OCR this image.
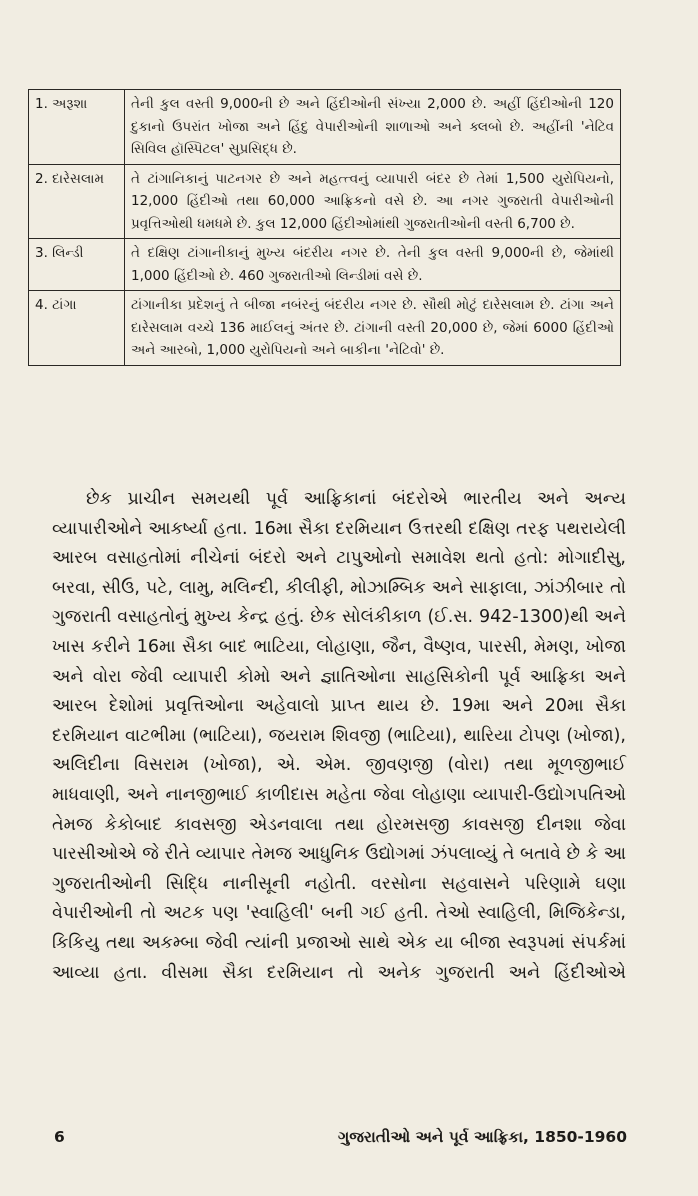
1. અરૂશા	તેની કુલ વસ્તી 9,000ની છે અને હિંદીઓની સંખ્યા 2,000 છે. અહીં હિંદીઓની 120 દુકાનો ઉપરાંત ખોજા અને હિંદુ વેપારીઓની શાળાઓ અને ક્લબો છે. અહીંની 'નેટિવ સિવિલ હૉસ્પિટલ' સુપ્રસિદ્ધ છે.
2. દારેસલામ	તે ટાંગાનિકાનું પાટનગર છે અને મહત્ત્વનું વ્યાપારી બંદર છે તેમાં 1,500 યુરોપિયનો, 12,000 હિંદીઓ તથા 60,000 આફ્રિકનો વસે છે. આ નગર ગુજરાતી વેપારીઓની પ્રવૃત્તિઓથી ધમધમે છે. કુલ 12,000 હિંદીઓમાંથી ગુજરાતીઓની વસ્તી 6,700 છે.
3. લિન્ડી	તે દક્ષિણ ટાંગાનીકાનું મુખ્ય બંદરીય નગર છે. તેની કુલ વસ્તી 9,000ની છે, જેમાંથી 1,000 હિંદીઓ છે. 460 ગુજરાતીઓ લિન્ડીમાં વસે છે.
4. ટાંગા	ટાંગાનીકા પ્રદેશનું તે બીજા નબંરનું બંદરીય નગર છે. સૌથી મોટું દારેસલામ છે. ટાંગા અને દારેસલામ વચ્ચે 136 માઈલનું અંતર છે. ટાંગાની વસ્તી 20,000 છે, જેમાં 6000 હિંદીઓ અને આરબો, 1,000 યુરોપિયનો અને બાકીના 'નેટિવો' છે.

છેક પ્રાચીન સમયથી પૂર્વ આફ્રિકાનાં બંદરોએ ભારતીય અને અન્ય વ્યાપારીઓને આકર્ષ્યા હતા. 16મા સૈકા દરમિયાન ઉત્તરથી દક્ષિણ તરફ પથરાયેલી આરબ વસાહતોમાં નીચેનાં બંદરો અને ટાપુઓનો સમાવેશ થતો હતો: મોગાદીસુ, બરવા, સીઉ, પટે, લામુ, મલિન્દી, કીલીફી, મોઝામ્બિક અને સાફાલા, ઝાંઝીબાર તો ગુજરાતી વસાહતોનું મુખ્ય કેન્દ્ર હતું. છેક સોલંકીકાળ (ઈ.સ. 942-1300)થી અને ખાસ કરીને 16મા સૈકા બાદ ભાટિયા, લોહાણા, જૈન, વૈષ્ણવ, પારસી, મેમણ, ખોજા અને વોરા જેવી વ્યાપારી કોમો અને જ્ઞાતિઓના સાહસિકોની પૂર્વ આફ્રિકા અને આરબ દેશોમાં પ્રવૃત્તિઓના અહેવાલો પ્રાપ્ત થાય છે. 19મા અને 20મા સૈકા દરમિયાન વાટભીમા (ભાટિયા), જયરામ શિવજી (ભાટિયા), થારિયા ટોપણ (ખોજા), અલિદીના વિસરામ (ખોજા), એ. એમ. જીવણજી (વોરા) તથા મૂળજીભાઈ માધવાણી, અને નાનજીભાઈ કાળીદાસ મહેતા જેવા લોહાણા વ્યાપારી-ઉદ્યોગપતિઓ તેમજ કેકોબાદ કાવસજી એડનવાલા તથા હોરમસજી કાવસજી દીનશા જેવા પારસીઓએ જે રીતે વ્યાપાર તેમજ આધુનિક ઉદ્યોગમાં ઝંપલાવ્યું તે બતાવે છે કે આ ગુજરાતીઓની સિદ્ધિ નાનીસૂની નહોતી. વરસોના સહવાસને પરિણામે ઘણા વેપારીઓની તો અટક પણ 'સ્વાહિલી' બની ગઈ હતી. તેઓ સ્વાહિલી, મિજિકેન્ડા, કિકિયુ તથા અકમ્બા જેવી ત્યાંની પ્રજાઓ સાથે એક યા બીજા સ્વરૂપમાં સંપર્કમાં આવ્યા હતા. વીસમા સૈકા દરમિયાન તો અનેક ગુજરાતી અને હિંદીઓએ

6	ગુજરાતીઓ અને પૂર્વ આફ્રિકા, 1850-1960
